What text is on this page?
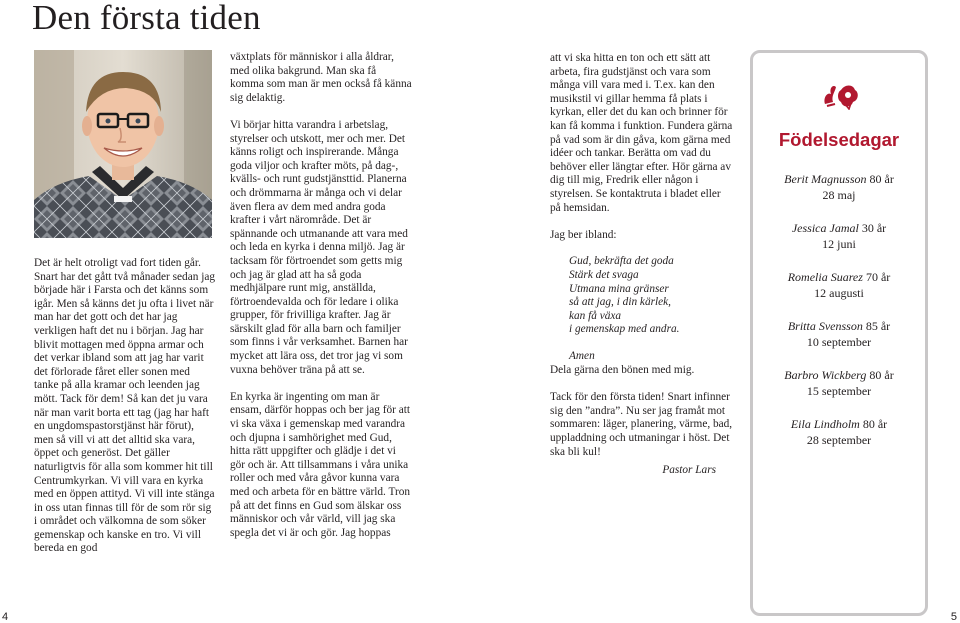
Den första tiden

Det är helt otroligt vad fort tiden går. Snart har det gått två månader sedan jag började här i Farsta och det känns som igår. Men så känns det ju ofta i livet när man har det gott och det har jag verkligen haft det nu i början. Jag har blivit mottagen med öppna armar och det verkar ibland som att jag har varit det förlorade fåret eller sonen med tanke på alla kramar och leenden jag mött. Tack för dem! Så kan det ju vara när man varit borta ett tag (jag har haft en ungdomspastorstjänst här förut), men så vill vi att det alltid ska vara, öppet och generöst. Det gäller naturligtvis för alla som kommer hit till Centrumkyrkan. Vi vill vara en kyrka med en öppen attityd. Vi vill inte stänga in oss utan finnas till för de som rör sig i området och välkomna de som söker gemenskap och kanske en tro. Vi vill bereda en god

växtplats för människor i alla åldrar, med olika bakgrund. Man ska få komma som man är men också få känna sig delaktig.

Vi börjar hitta varandra i arbetslag, styrelser och utskott, mer och mer. Det känns roligt och inspirerande. Många goda viljor och krafter möts, på dag-, kvälls- och runt gudstjänsttid. Planerna och drömmarna är många och vi delar även flera av dem med andra goda krafter i vårt närområde. Det är spännande och utmanande att vara med och leda en kyrka i denna miljö. Jag är tacksam för förtroendet som getts mig och jag är glad att ha så goda medhjälpare runt mig, anställda, förtroendevalda och för ledare i olika grupper, för frivilliga krafter. Jag är särskilt glad för alla barn och familjer som finns i vår verksamhet. Barnen har mycket att lära oss, det tror jag vi som vuxna behöver träna på att se.

En kyrka är ingenting om man är ensam, därför hoppas och ber jag för att vi ska växa i gemenskap med varandra och djupna i samhörighet med Gud, hitta rätt uppgifter och glädje i det vi gör och är. Att tillsammans i våra unika roller och med våra gåvor kunna vara med och arbeta för en bättre värld. Tron på att det finns en Gud som älskar oss människor och vår värld, vill jag ska spegla det vi är och gör. Jag hoppas

att vi ska hitta en ton och ett sätt att arbeta, fira gudstjänst och vara som många vill vara med i. T.ex. kan den musikstil vi gillar hemma få plats i kyrkan, eller det du kan och brinner för kan få komma i funktion. Fundera gärna på vad som är din gåva, kom gärna med idéer och tankar. Berätta om vad du behöver eller längtar efter. Hör gärna av dig till mig, Fredrik eller någon i styrelsen. Se kontaktruta i bladet eller på hemsidan.

Jag ber ibland:

Gud, bekräfta det goda
Stärk det svaga
Utmana mina gränser
så att jag, i din kärlek,
kan få växa
i gemenskap med andra.
Amen

Dela gärna den bönen med mig.

Tack för den första tiden! Snart infinner sig den ”andra”. Nu ser jag framåt mot sommaren: läger, planering, värme, bad, uppladdning och utmaningar i höst. Det ska bli kul!

Pastor Lars

Födelsedagar
Berit Magnusson 80 år
28 maj
Jessica Jamal 30 år
12 juni
Romelia Suarez 70 år
12 augusti
Britta Svensson 85 år
10 september
Barbro Wickberg 80 år
15 september
Eila Lindholm 80 år
28 september
4	5
